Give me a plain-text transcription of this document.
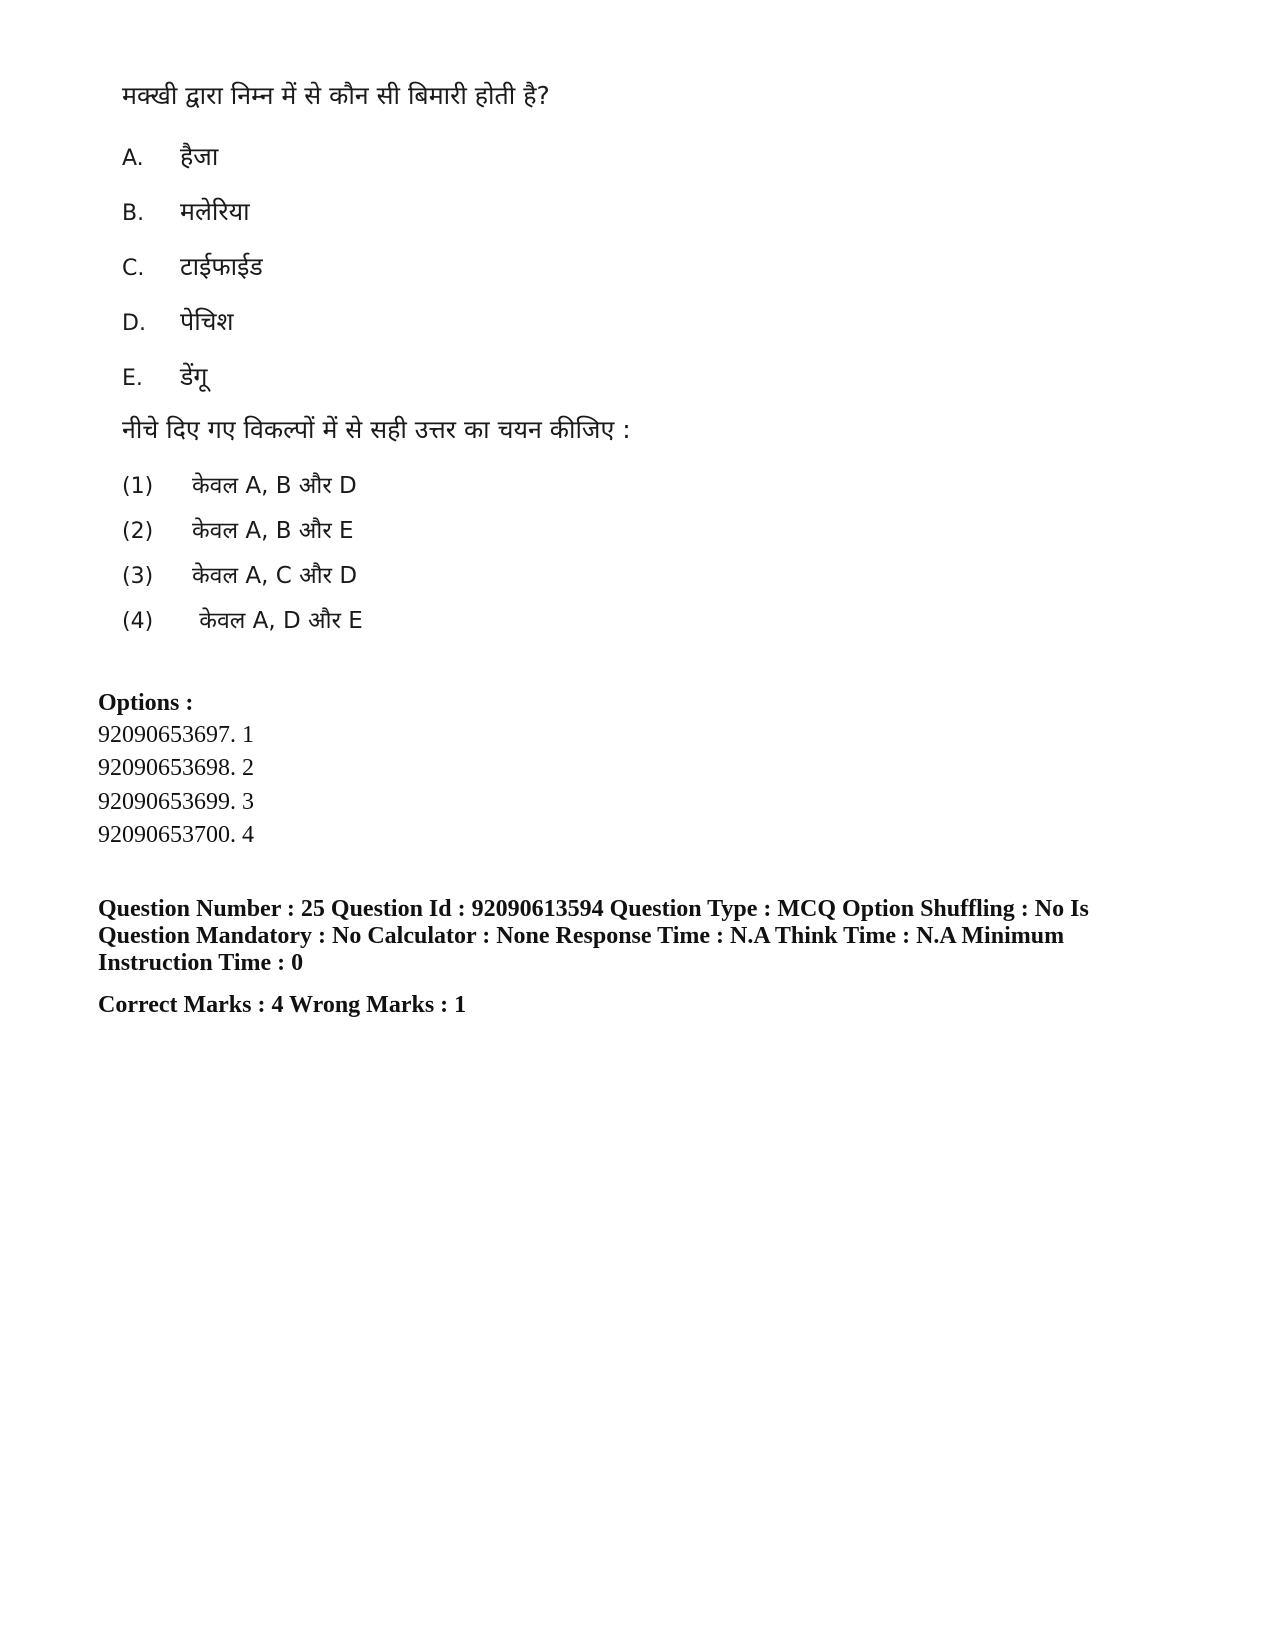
मक्खी द्वारा निम्न में से कौन सी बिमारी होती है?
A. हैजा
B. मलेरिया
C. टाईफाईड
D. पेचिश
E. डेंगू
नीचे दिए गए विकल्पों में से सही उत्तर का चयन कीजिए :
(1) केवल A, B और D
(2) केवल A, B और E
(3) केवल A, C और D
(4) केवल A, D और E
Options :
92090653697. 1
92090653698. 2
92090653699. 3
92090653700. 4
Question Number : 25 Question Id : 92090613594 Question Type : MCQ Option Shuffling : No Is
Question Mandatory : No Calculator : None Response Time : N.A Think Time : N.A Minimum
Instruction Time : 0
Correct Marks : 4 Wrong Marks : 1
